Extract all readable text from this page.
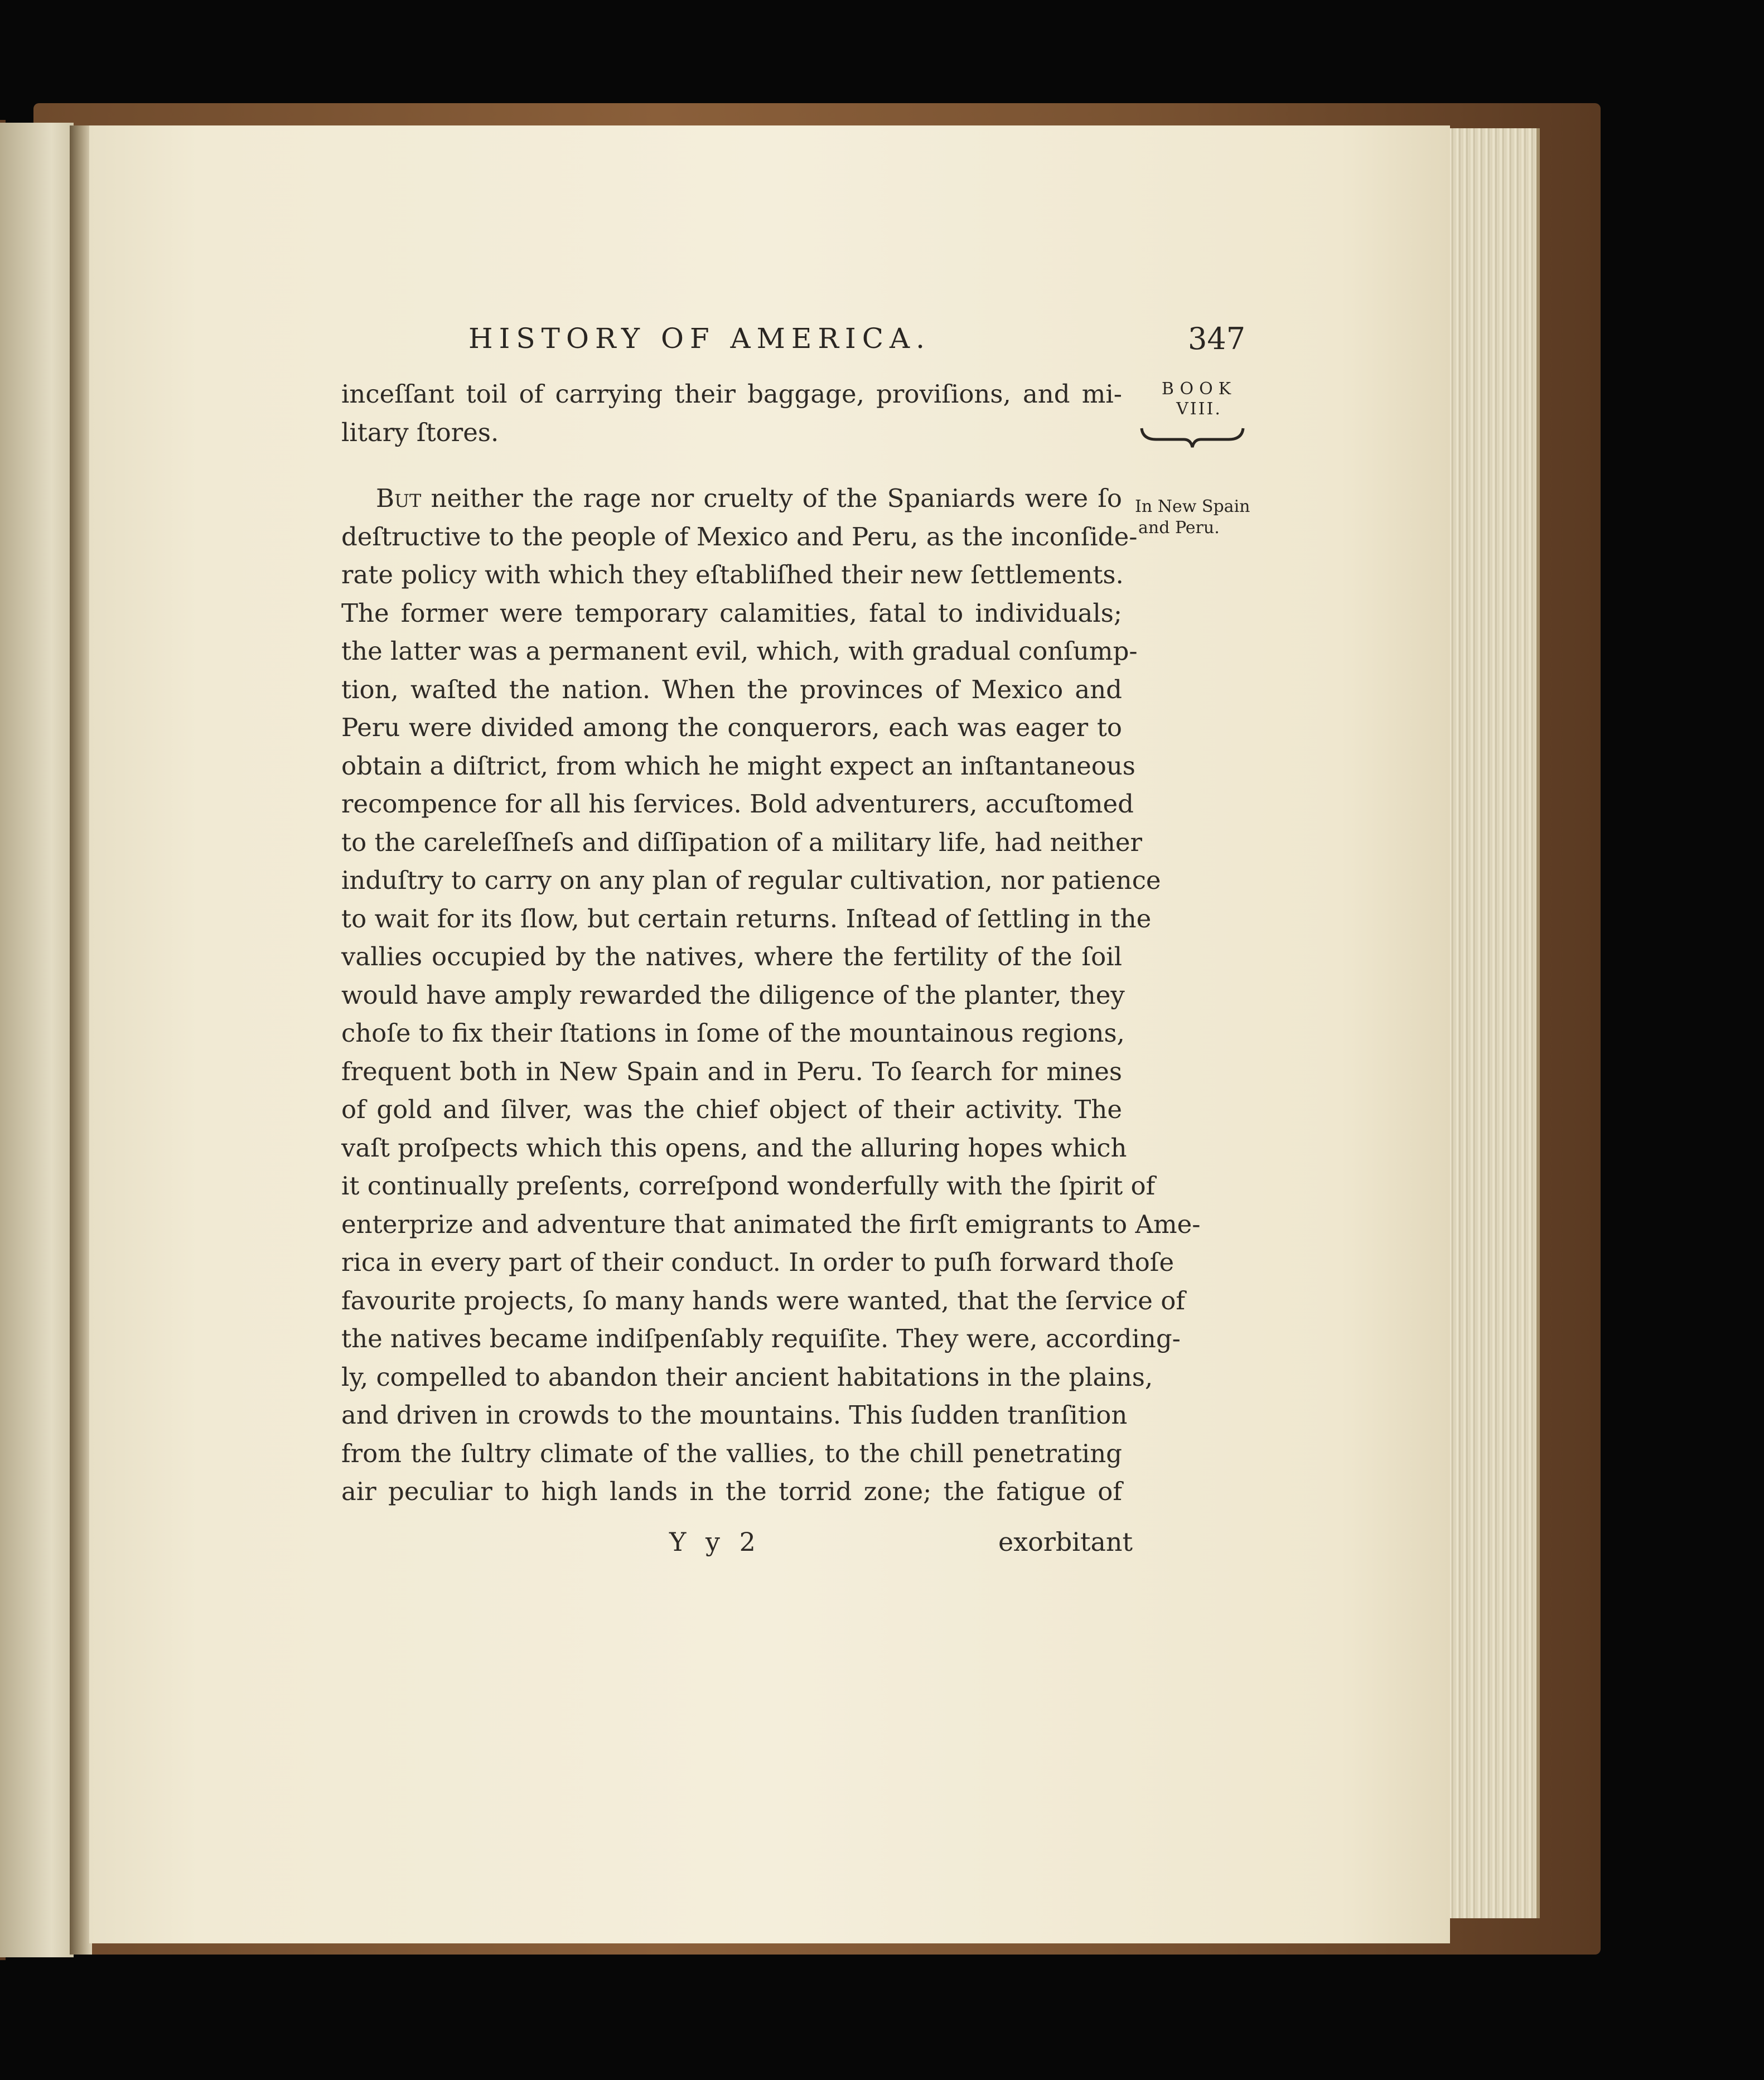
HISTORY OF AMERICA.	347
BOOK
VIII.
In New Spain
and Peru.
inceſſant toil of carrying their baggage, proviſions, and mi-
litary ſtores.
But neither the rage nor cruelty of the Spaniards were ſo
deſtructive to the people of Mexico and Peru, as the inconſide-
rate policy with which they eſtabliſhed their new ſettlements.
The former were temporary calamities, fatal to individuals;
the latter was a permanent evil, which, with gradual conſump-
tion, waſted the nation. When the provinces of Mexico and
Peru were divided among the conquerors, each was eager to
obtain a diſtrict, from which he might expect an inſtantaneous
recompence for all his ſervices. Bold adventurers, accuſtomed
to the careleſſneſs and diſſipation of a military life, had neither
induſtry to carry on any plan of regular cultivation, nor patience
to wait for its ſlow, but certain returns. Inſtead of ſettling in the
vallies occupied by the natives, where the fertility of the ſoil
would have amply rewarded the diligence of the planter, they
choſe to fix their ſtations in ſome of the mountainous regions,
frequent both in New Spain and in Peru. To ſearch for mines
of gold and ſilver, was the chief object of their activity. The
vaſt proſpects which this opens, and the alluring hopes which
it continually preſents, correſpond wonderfully with the ſpirit of
enterprize and adventure that animated the firſt emigrants to Ame-
rica in every part of their conduct. In order to puſh forward thoſe
favourite projects, ſo many hands were wanted, that the ſervice of
the natives became indiſpenſably requiſite. They were, according-
ly, compelled to abandon their ancient habitations in the plains,
and driven in crowds to the mountains. This ſudden tranſition
from the ſultry climate of the vallies, to the chill penetrating
air peculiar to high lands in the torrid zone; the fatigue of
Y y 2	exorbitant
